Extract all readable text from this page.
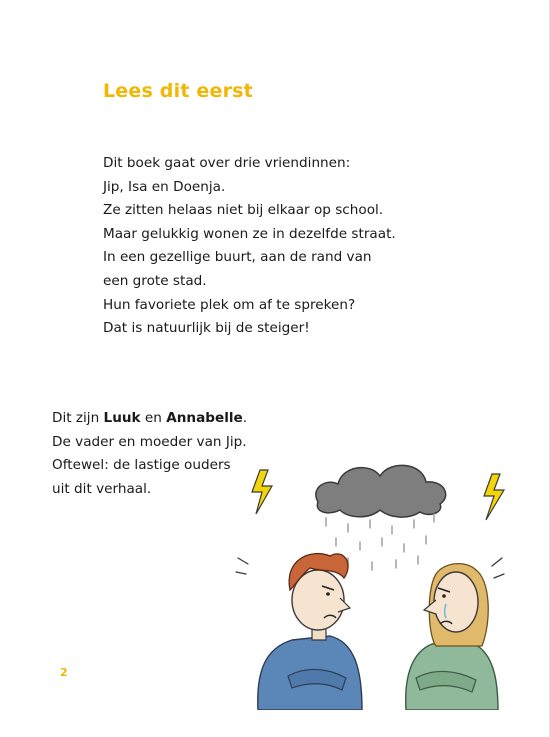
Lees dit eerst
Dit boek gaat over drie vriendinnen:
Jip, Isa en Doenja.
Ze zitten helaas niet bij elkaar op school.
Maar gelukkig wonen ze in dezelfde straat.
In een gezellige buurt, aan de rand van
een grote stad.
Hun favoriete plek om af te spreken?
Dat is natuurlijk bij de steiger!
Dit zijn Luuk en Annabelle.
De vader en moeder van Jip.
Oftewel: de lastige ouders
uit dit verhaal.
2
